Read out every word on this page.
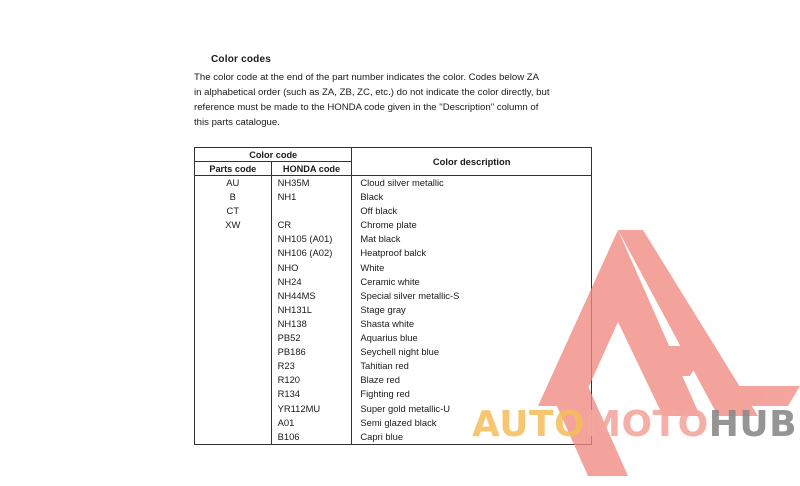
Color codes

The color code at the end of the part number indicates the color. Codes below ZA
in alphabetical order (such as ZA, ZB, ZC, etc.) do not indicate the color directly, but
reference must be made to the HONDA code given in the "Description" column of
this parts catalogue.

Color code		Color description
Parts code	HONDA code	
AU	NH35M	Cloud silver metallic
B	NH1	Black
CT		Off black
XW	CR	Chrome plate
	NH105 (A01)	Mat black
	NH106 (A02)	Heatproof balck
	NHO	White
	NH24	Ceramic white
	NH44MS	Special silver metallic-S
	NH131L	Stage gray
	NH138	Shasta white
	PB52	Aquarius blue
	PB186	Seychell night blue
	R23	Tahitian red
	R120	Blaze red
	R134	Fighting red
	YR112MU	Super gold metallic-U
	A01	Semi glazed black
	B106	Capri blue AUTOMOTOHUB
